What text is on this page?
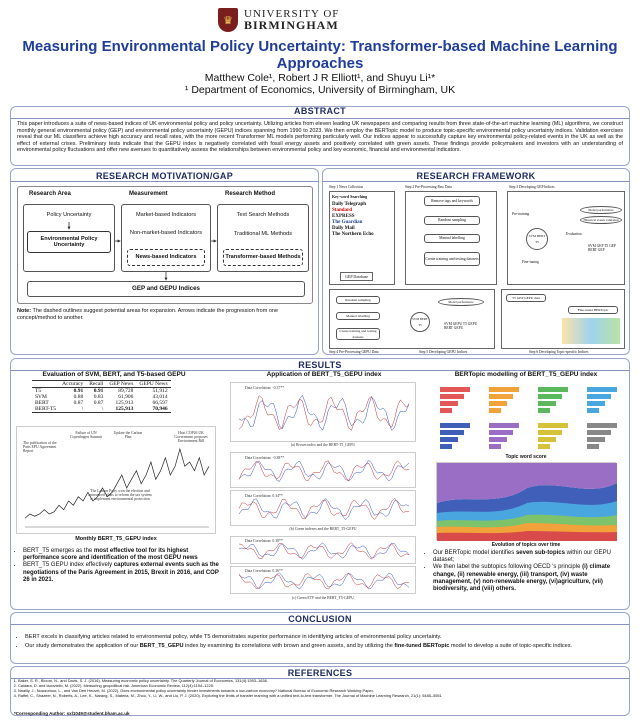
♛
UNIVERSITY OF
BIRMINGHAM
Measuring Environmental Policy Uncertainty: Transformer-based Machine Learning Approaches
Matthew Cole¹, Robert J R Elliott¹, and Shuyu Li¹*
¹ Department of Economics, University of Birmingham, UK
ABSTRACT

This paper introduces a suite of news-based indices of UK environmental policy and policy uncertainty. Utilizing articles from eleven leading UK newspapers and comparing results from three state-of-the-art machine learning (ML) algorithms, we construct monthly general environmental policy (GEP) and environmental policy uncertainty (GEPU) indices spanning from 1990 to 2023. We then employ the BERTopic model to produce topic-specific environmental policy uncertainty indices. Validation exercises reveal that our ML classifiers achieve high accuracy and recall rates, with the more recent Transformer ML models performing particularly well. Our indices appear to successfully capture key environmental policy-related events in the UK as well as the effect of external crises. Preliminary tests indicate that the GEPU index is negatively correlated with fossil energy assets and positively correlated with green assets. These findings provide policymakers and investors with an understanding of environmental policy fluctuations and offer new avenues to quantitatively assess the relationships between environmental policy and key economic, financial and environmental indicators.

RESEARCH MOTIVATION/GAP
Research Area	Measurement	Research Method
Policy Uncertainty
Environmental Policy Uncertainty
Market-based Indicators
Non-market-based Indicators
News-based Indicators
Text Search Methods
Traditional ML Methods
Transformer-based Methods
GEP and GEPU Indices
Note: The dashed outlines suggest potential areas for expansion. Arrows indicate the progression from one concept/method to another.
RESEARCH FRAMEWORK
Step 1 News Collection	Step 2 Pre-Processing Raw Data	Step 3 Developing GEP Indices
Key-word Searching
Daily Telegraph
Standard
EXPRESS
The Guardian
Daily Mail
The Northern Echo
GEP Database
Remove tags and keywords
Random sampling
Manual labelling
Create training and testing datasets
Pre-training
SVM BERT T5
Fine-tuning
Evaluation
Model performance
Historical events validation
SVM GEP T5 GEP BERT GEP
Random sampling
Manual labelling
Create training and testing datasets
SVM BERT T5
Model performance
SVM GEPU T5 GEPU BERT GEPU
T5 GEP GEPU data
Fine-tuned BERTopic
Step 4 Pre-Processing GEPU Data	Step 5 Developing GEPU Indices	Step 6 Developing Topic-specific Indices
RESULTS
Evaluation of SVM, BERT, and T5-based GEPU
	Accuracy	Recall	GEP News	GEPU News
T5	0.91	0.91	89,728	51,912
SVM	0.88	0.83	61,906	43,014
BERT	0.87	0.87	125,913	66,597
BERT-T5	\	\	125,913	70,946
The publication of the Paris EPU Agreement Report
Failure of UN Copenhagen Summit
Update the Carbon Plan
Host COP26 UK Government proposes Environment Bill
The Labour Party won the election and announced plans to reform the tax system to implement environmental protection
Monthly BERT_T5_GEPU index
• BERT_T5 emerges as the most effective tool for its highest performance score and identification of the most GEPU news
• BERT_T5 GEPU index effectively captures external events such as the negotiations of the Paris Agreement in 2015, Brexit in 2016, and COP 26 in 2021.
Application of BERT_T5_GEPU index
Data Correlation: -0.37**
(a) Brown index and the BERT-T5_GEPU
Data Correlation: -0.38**
Data Correlation: 0.34**
(b) Green indexes and the BERT_T5-GEPU
Data Correlation: 0.38**
Data Correlation: 0.36**
(c) Green ETF and the BERT_T5-GEPU
BERTopic modelling of BERT_T5_GEPU index
Topic word score
Evolution of topics over time
• Our BERTopic model identifies seven sub-topics within our GEPU dataset;
• We then label the subtopics following OECD 's principle (i) climate change, (ii) renewable energy, (iii) transport, (iv) waste management, (v) non-renewable energy, (vi)agriculture, (vii) biodiversity, and (viii) others.
CONCLUSION
• BERT excels in classifying articles related to environmental policy, while T5 demonstrates superior performance in identifying articles of environmental policy uncertainty.
• Our study demonstrates the application of our BERT_T5_GEPU index by examining its correlations with brown and green assets, and by utilizing the fine-tuned BERTopic model to develop a suite of topic-specific indices.
REFERENCES
1. Baker, S. R., Bloom, N., and Davis, S. J. (2016). Measuring economic policy uncertainty. The Quarterly Journal of Economics, 131(4):1593–1636.
2. Caldara, D. and Iacoviello, M. (2022). Measuring geopolitical risk. American Economic Review, 112(4):1194–1225.
3. Noailly, J., Nowzohour, L., and Van Den Heuvel, M. (2022). Does environmental policy uncertainty hinder investments towards a low-carbon economy? National Bureau of Economic Research Working Paper.
4. Raffel, C., Shazeer, N., Roberts, A., Lee, K., Narang, S., Matena, M., Zhou, Y., Li, W., and Liu, P. J. (2020). Exploring the limits of transfer learning with a unified text-to-text transformer. The Journal of Machine Learning Research, 21(1): 5485–5551
*Corresponding Author: sxl1049@student.bham.ac.uk
